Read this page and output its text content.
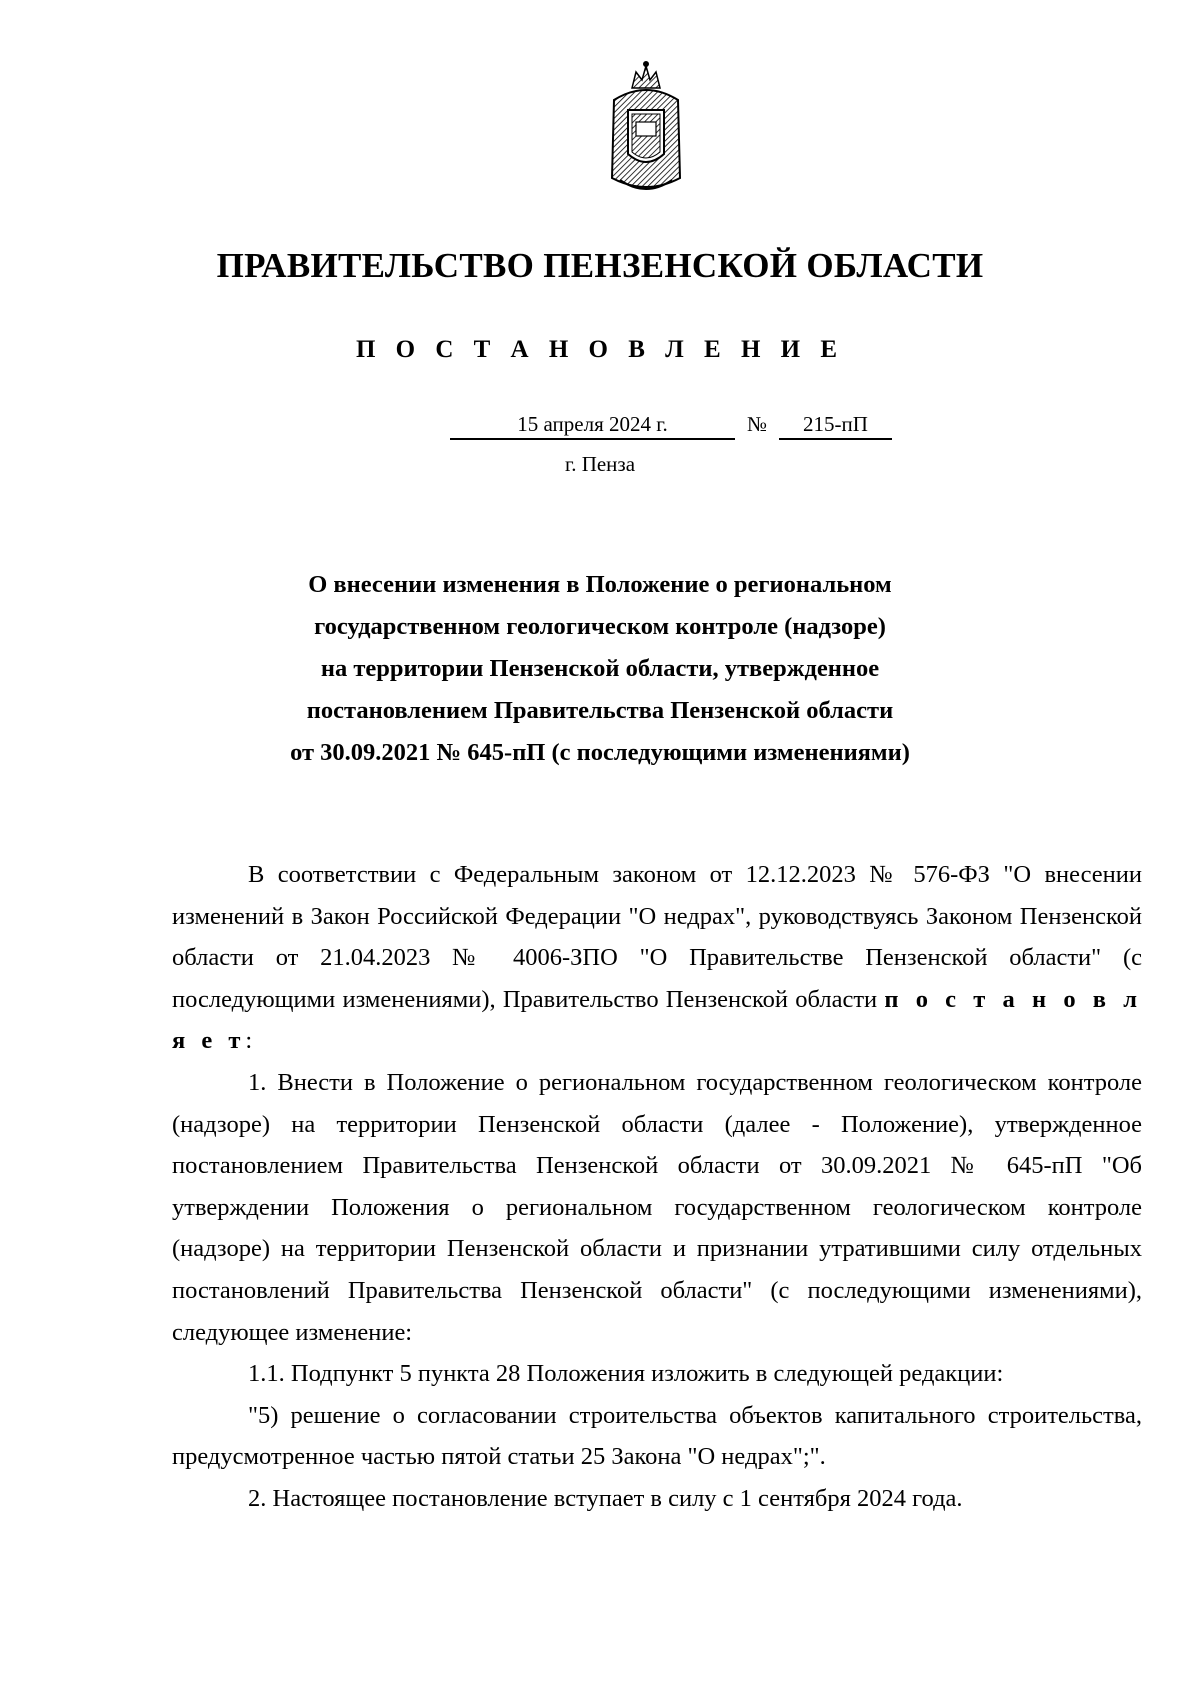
ПРАВИТЕЛЬСТВО ПЕНЗЕНСКОЙ ОБЛАСТИ
П О С Т А Н О В Л Е Н И Е
15 апреля 2024 г.	№	215-пП
г. Пенза
О внесении изменения в Положение о региональном
государственном геологическом контроле (надзоре)
на территории Пензенской области, утвержденное
постановлением Правительства Пензенской области
от 30.09.2021 № 645-пП (с последующими изменениями)

В соответствии с Федеральным законом от 12.12.2023 № 576-ФЗ "О внесении изменений в Закон Российской Федерации "О недрах", руководствуясь Законом Пензенской области от 21.04.2023 № 4006-ЗПО "О Правительстве Пензенской области" (с последующими изменениями), Правительство Пензенской области п о с т а н о в л я е т:

1. Внести в Положение о региональном государственном геологическом контроле (надзоре) на территории Пензенской области (далее - Положение), утвержденное постановлением Правительства Пензенской области от 30.09.2021 № 645-пП "Об утверждении Положения о региональном государственном геологическом контроле (надзоре) на территории Пензенской области и признании утратившими силу отдельных постановлений Правительства Пензенской области" (с последующими изменениями), следующее изменение:

1.1. Подпункт 5 пункта 28 Положения изложить в следующей редакции:

"5) решение о согласовании строительства объектов капитального строительства, предусмотренное частью пятой статьи 25 Закона "О недрах";".

2. Настоящее постановление вступает в силу с 1 сентября 2024 года.
